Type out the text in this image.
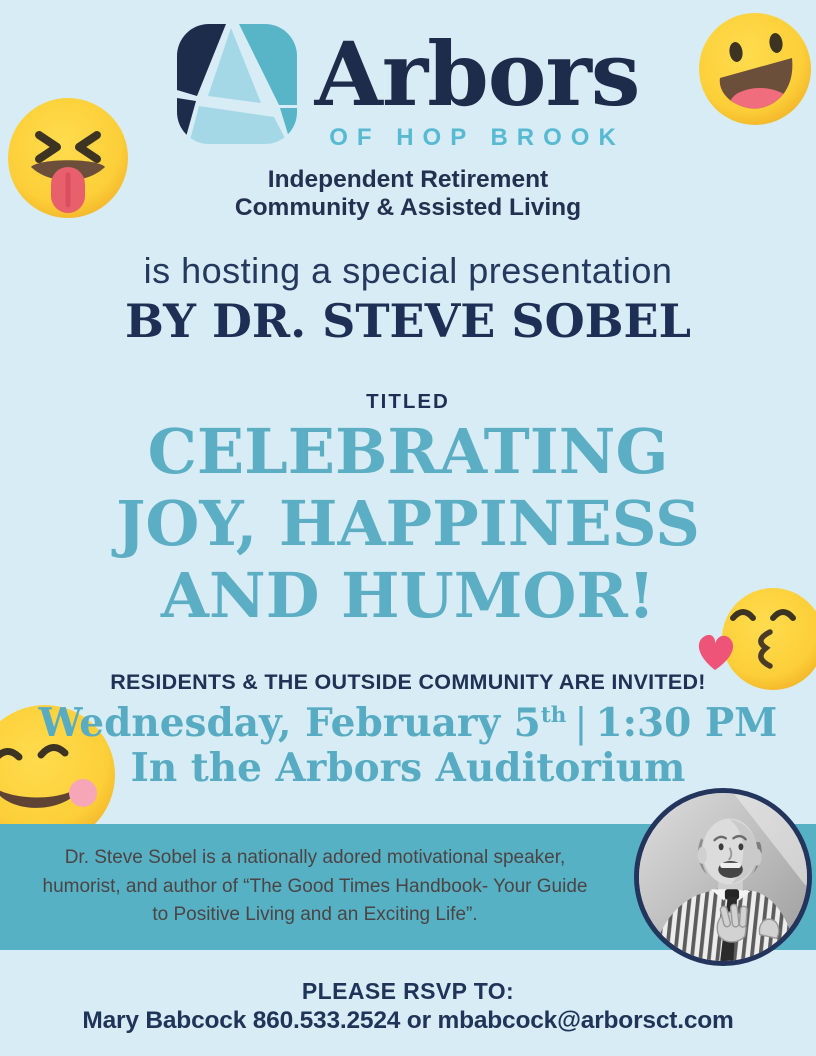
Arbors
OF HOP BROOK
Independent Retirement
Community & Assisted Living
is hosting a special presentation
BY DR. STEVE SOBEL
TITLED
CELEBRATING
JOY, HAPPINESS
AND HUMOR!
RESIDENTS & THE OUTSIDE COMMUNITY ARE INVITED!
Wednesday, February 5th | 1:30 PM
In the Arbors Auditorium
Dr. Steve Sobel is a nationally adored motivational speaker,
humorist, and author of “The Good Times Handbook- Your Guide
to Positive Living and an Exciting Life”.
PLEASE RSVP TO:
Mary Babcock 860.533.2524 or mbabcock@arborsct.com
